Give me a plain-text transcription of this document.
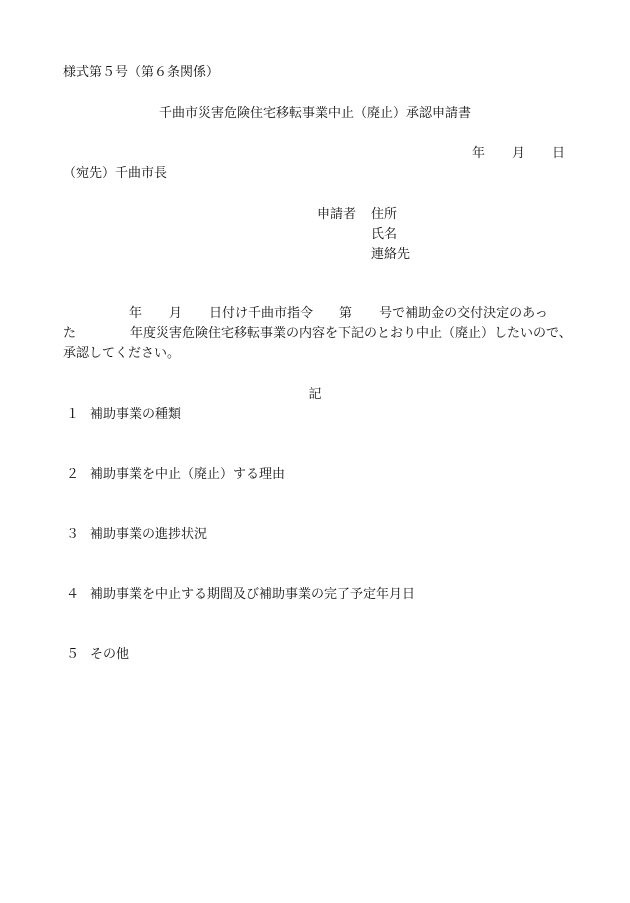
様式第５号（第６条関係）
千曲市災害危険住宅移転事業中止（廃止）承認申請書
年 月 日
（宛先）千曲市長
申請者 住所
氏名
連絡先
年 月 日付け千曲市指令 第 号で補助金の交付決定のあっ
た	年度災害危険住宅移転事業の内容を下記のとおり中止（廃止）したいので、
承認してください。
記
１ 補助事業の種類
２ 補助事業を中止（廃止）する理由
３ 補助事業の進捗状況
４ 補助事業を中止する期間及び補助事業の完了予定年月日
５ その他
